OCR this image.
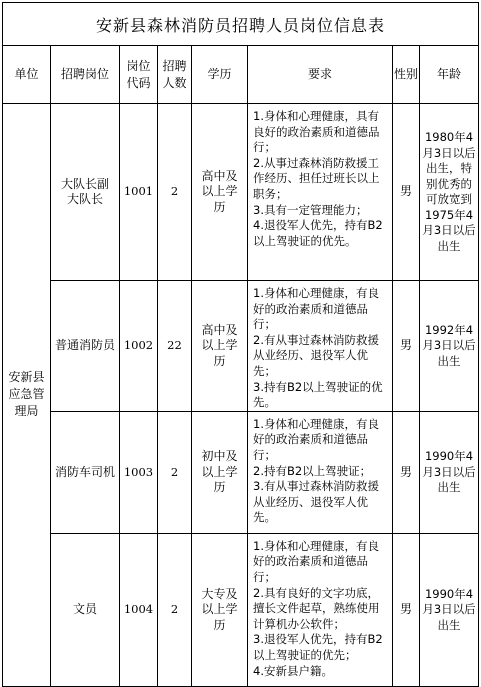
安新县森林消防员招聘人员岗位信息表							
单位	招聘岗位	岗位代码	招聘人数	学历	要求	性别	年龄
安新县应急管理局	大队长副大队长	1001	2	高中及以上学历	1.身体和心理健康，具有良好的政治素质和道德品行；
2.从事过森林消防救援工作经历、担任过班长以上职务；
3.具有一定管理能力；
4.退役军人优先，持有B2以上驾驶证的优先。	男	1980年4月3日以后出生，特别优秀的可放宽到1975年4月3日以后出生
	普通消防员	1002	22	高中及以上学历	1.身体和心理健康，有良好的政治素质和道德品行；
2.有从事过森林消防救援从业经历、退役军人优先；
3.持有B2以上驾驶证的优先。	男	1992年4月3日以后出生
	消防车司机	1003	2	初中及以上学历	1.身体和心理健康，有良好的政治素质和道德品行；
2.持有B2以上驾驶证；
3.有从事过森林消防救援从业经历、退役军人优先。	男	1990年4月3日以后出生
	文员	1004	2	大专及以上学历	1.身体和心理健康，有良好的政治素质和道德品行；
2.具有良好的文字功底，擅长文件起草，熟练使用计算机办公软件；
3.退役军人优先，持有B2以上驾驶证的优先；
4.安新县户籍。	男	1990年4月3日以后出生
